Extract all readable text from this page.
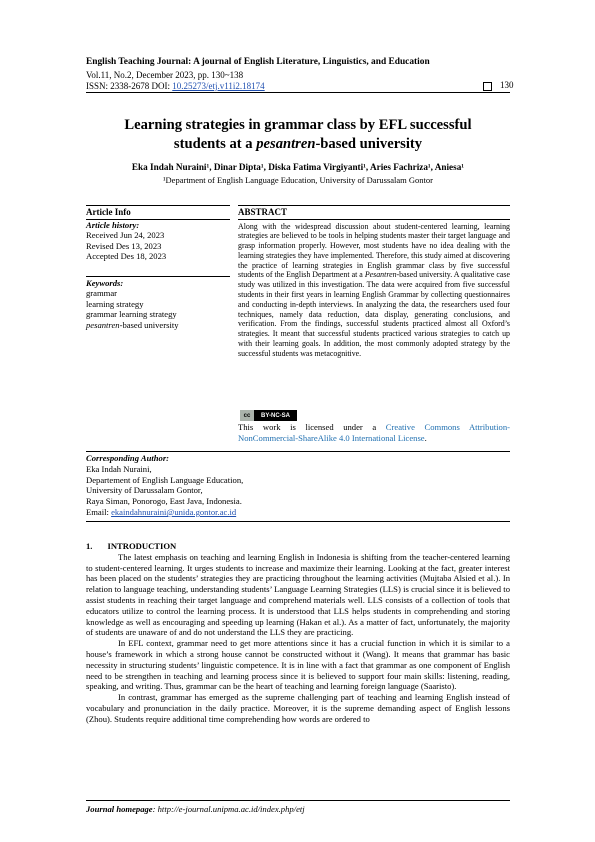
English Teaching Journal: A journal of English Literature, Linguistics, and Education
Vol.11, No.2, December 2023, pp. 130~138
ISSN: 2338-2678 DOI: 10.25273/etj.v11i2.18174	130
Learning strategies in grammar class by EFL successful
students at a pesantren-based university
Eka Indah Nuraini¹, Dinar Dipta¹, Diska Fatima Virgiyanti¹, Aries Fachriza¹, Aniesa¹
¹Department of English Language Education, University of Darussalam Gontor

Article Info

Article history:

Received Jun 24, 2023

Revised Des 13, 2023

Accepted Des 18, 2023

Keywords:

grammar

learning strategy

grammar learning strategy

pesantren-based university

ABSTRACT

Along with the widespread discussion about student-centered learning, learning strategies are believed to be tools in helping students master their target language and grasp information properly. However, most students have no idea dealing with the learning strategies they have implemented. Therefore, this study aimed at discovering the practice of learning strategies in English grammar class by five successful students of the English Department at a Pesantren-based university. A qualitative case study was utilized in this investigation. The data were acquired from five successful students in their first years in learning English Grammar by collecting questionnaires and conducting in-depth interviews. In analyzing the data, the researchers used four techniques, namely data reduction, data display, generating conclusions, and verification. From the findings, successful students practiced almost all Oxford’s strategies. It meant that successful students practiced various strategies to catch up with their learning goals. In addition, the most commonly adopted strategy by the successful students was metacognitive.

cc	BY-NC-SA
This work is licensed under a Creative Commons Attribution-NonCommercial-ShareAlike 4.0 International License.

Corresponding Author:

Eka Indah Nuraini,

Departement of English Language Education,

University of Darussalam Gontor,

Raya Siman, Ponorogo, East Java, Indonesia.

Email: ekaindahnuraini@unida.gontor.ac.id

1.       INTRODUCTION

The latest emphasis on teaching and learning English in Indonesia is shifting from the teacher-centered learning to student-centered learning. It urges students to increase and maximize their learning. Looking at the fact, greater interest has been placed on the students’ strategies they are practicing throughout the learning activities (Mujtaba Alsied et al.). In relation to language teaching, understanding students’ Language Learning Strategies (LLS) is crucial since it is believed to assist students in reaching their target language and comprehend materials well. LLS consists of a collection of tools that educators utilize to control the learning process. It is understood that LLS helps students in comprehending and storing knowledge as well as encouraging and speeding up learning (Hakan et al.). As a matter of fact, unfortunately, the majority of students are unaware of and do not understand the LLS they are practicing.

In EFL context, grammar need to get more attentions since it has a crucial function in which it is similar to a house’s framework in which a strong house cannot be constructed without it (Wang). It means that grammar has basic necessity in structuring students’ linguistic competence. It is in line with a fact that grammar as one component of English need to be strengthen in teaching and learning process since it is believed to support four main skills: listening, reading, speaking, and writing. Thus, grammar can be the heart of teaching and learning foreign language (Saaristo).

In contrast, grammar has emerged as the supreme challenging part of teaching and learning English instead of vocabulary and pronunciation in the daily practice. Moreover, it is the supreme demanding aspect of English lessons (Zhou). Students require additional time comprehending how words are ordered to

Journal homepage: http://e-journal.unipma.ac.id/index.php/etj
